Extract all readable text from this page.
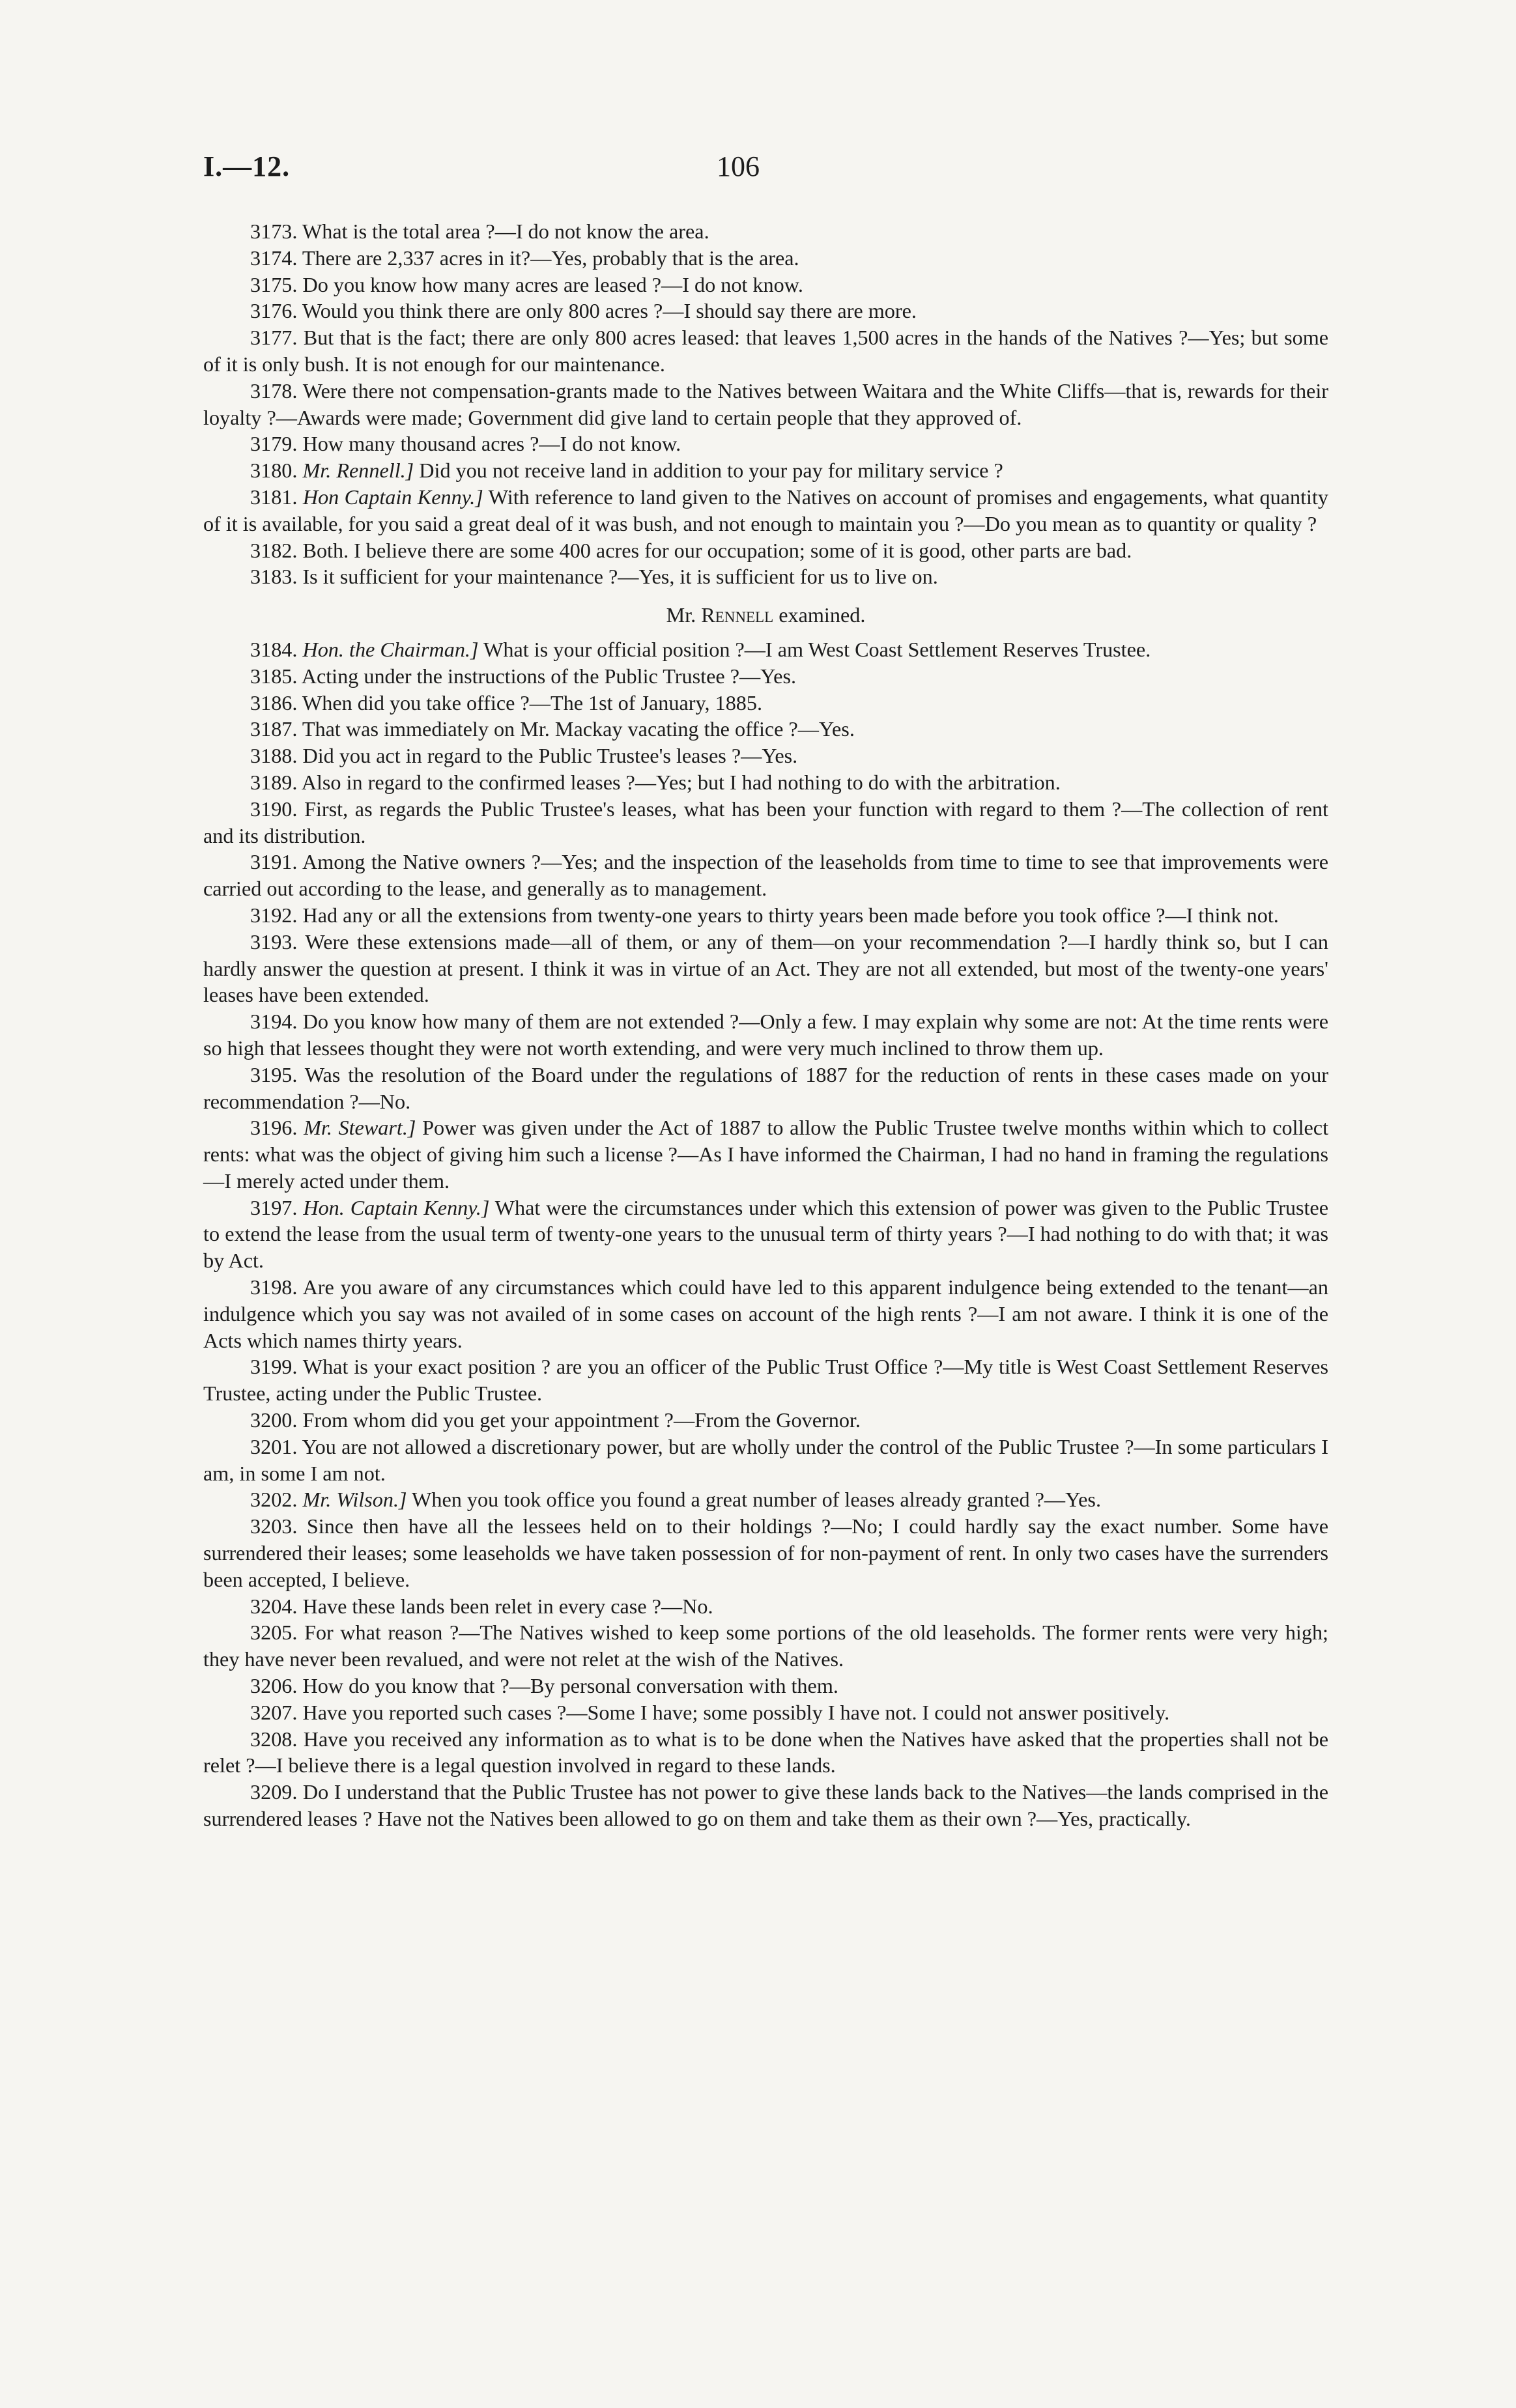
I.—12.	106

3173. What is the total area ?—I do not know the area.

3174. There are 2,337 acres in it?—Yes, probably that is the area.

3175. Do you know how many acres are leased ?—I do not know.

3176. Would you think there are only 800 acres ?—I should say there are more.

3177. But that is the fact; there are only 800 acres leased: that leaves 1,500 acres in the hands of the Natives ?—Yes; but some of it is only bush. It is not enough for our maintenance.

3178. Were there not compensation-grants made to the Natives between Waitara and the White Cliffs—that is, rewards for their loyalty ?—Awards were made; Government did give land to certain people that they approved of.

3179. How many thousand acres ?—I do not know.

3180. Mr. Rennell.] Did you not receive land in addition to your pay for military service ?

3181. Hon Captain Kenny.] With reference to land given to the Natives on account of promises and engagements, what quantity of it is available, for you said a great deal of it was bush, and not enough to maintain you ?—Do you mean as to quantity or quality ?

3182. Both. I believe there are some 400 acres for our occupation; some of it is good, other parts are bad.

3183. Is it sufficient for your maintenance ?—Yes, it is sufficient for us to live on.

Mr. Rennell examined.

3184. Hon. the Chairman.] What is your official position ?—I am West Coast Settlement Reserves Trustee.

3185. Acting under the instructions of the Public Trustee ?—Yes.

3186. When did you take office ?—The 1st of January, 1885.

3187. That was immediately on Mr. Mackay vacating the office ?—Yes.

3188. Did you act in regard to the Public Trustee's leases ?—Yes.

3189. Also in regard to the confirmed leases ?—Yes; but I had nothing to do with the arbitration.

3190. First, as regards the Public Trustee's leases, what has been your function with regard to them ?—The collection of rent and its distribution.

3191. Among the Native owners ?—Yes; and the inspection of the leaseholds from time to time to see that improvements were carried out according to the lease, and generally as to management.

3192. Had any or all the extensions from twenty-one years to thirty years been made before you took office ?—I think not.

3193. Were these extensions made—all of them, or any of them—on your recommendation ?—I hardly think so, but I can hardly answer the question at present. I think it was in virtue of an Act. They are not all extended, but most of the twenty-one years' leases have been extended.

3194. Do you know how many of them are not extended ?—Only a few. I may explain why some are not: At the time rents were so high that lessees thought they were not worth extending, and were very much inclined to throw them up.

3195. Was the resolution of the Board under the regulations of 1887 for the reduction of rents in these cases made on your recommendation ?—No.

3196. Mr. Stewart.] Power was given under the Act of 1887 to allow the Public Trustee twelve months within which to collect rents: what was the object of giving him such a license ?—As I have informed the Chairman, I had no hand in framing the regulations—I merely acted under them.

3197. Hon. Captain Kenny.] What were the circumstances under which this extension of power was given to the Public Trustee to extend the lease from the usual term of twenty-one years to the unusual term of thirty years ?—I had nothing to do with that; it was by Act.

3198. Are you aware of any circumstances which could have led to this apparent indulgence being extended to the tenant—an indulgence which you say was not availed of in some cases on account of the high rents ?—I am not aware. I think it is one of the Acts which names thirty years.

3199. What is your exact position ? are you an officer of the Public Trust Office ?—My title is West Coast Settlement Reserves Trustee, acting under the Public Trustee.

3200. From whom did you get your appointment ?—From the Governor.

3201. You are not allowed a discretionary power, but are wholly under the control of the Public Trustee ?—In some particulars I am, in some I am not.

3202. Mr. Wilson.] When you took office you found a great number of leases already granted ?—Yes.

3203. Since then have all the lessees held on to their holdings ?—No; I could hardly say the exact number. Some have surrendered their leases; some leaseholds we have taken possession of for non-payment of rent. In only two cases have the surrenders been accepted, I believe.

3204. Have these lands been relet in every case ?—No.

3205. For what reason ?—The Natives wished to keep some portions of the old leaseholds. The former rents were very high; they have never been revalued, and were not relet at the wish of the Natives.

3206. How do you know that ?—By personal conversation with them.

3207. Have you reported such cases ?—Some I have; some possibly I have not. I could not answer positively.

3208. Have you received any information as to what is to be done when the Natives have asked that the properties shall not be relet ?—I believe there is a legal question involved in regard to these lands.

3209. Do I understand that the Public Trustee has not power to give these lands back to the Natives—the lands comprised in the surrendered leases ? Have not the Natives been allowed to go on them and take them as their own ?—Yes, practically.
